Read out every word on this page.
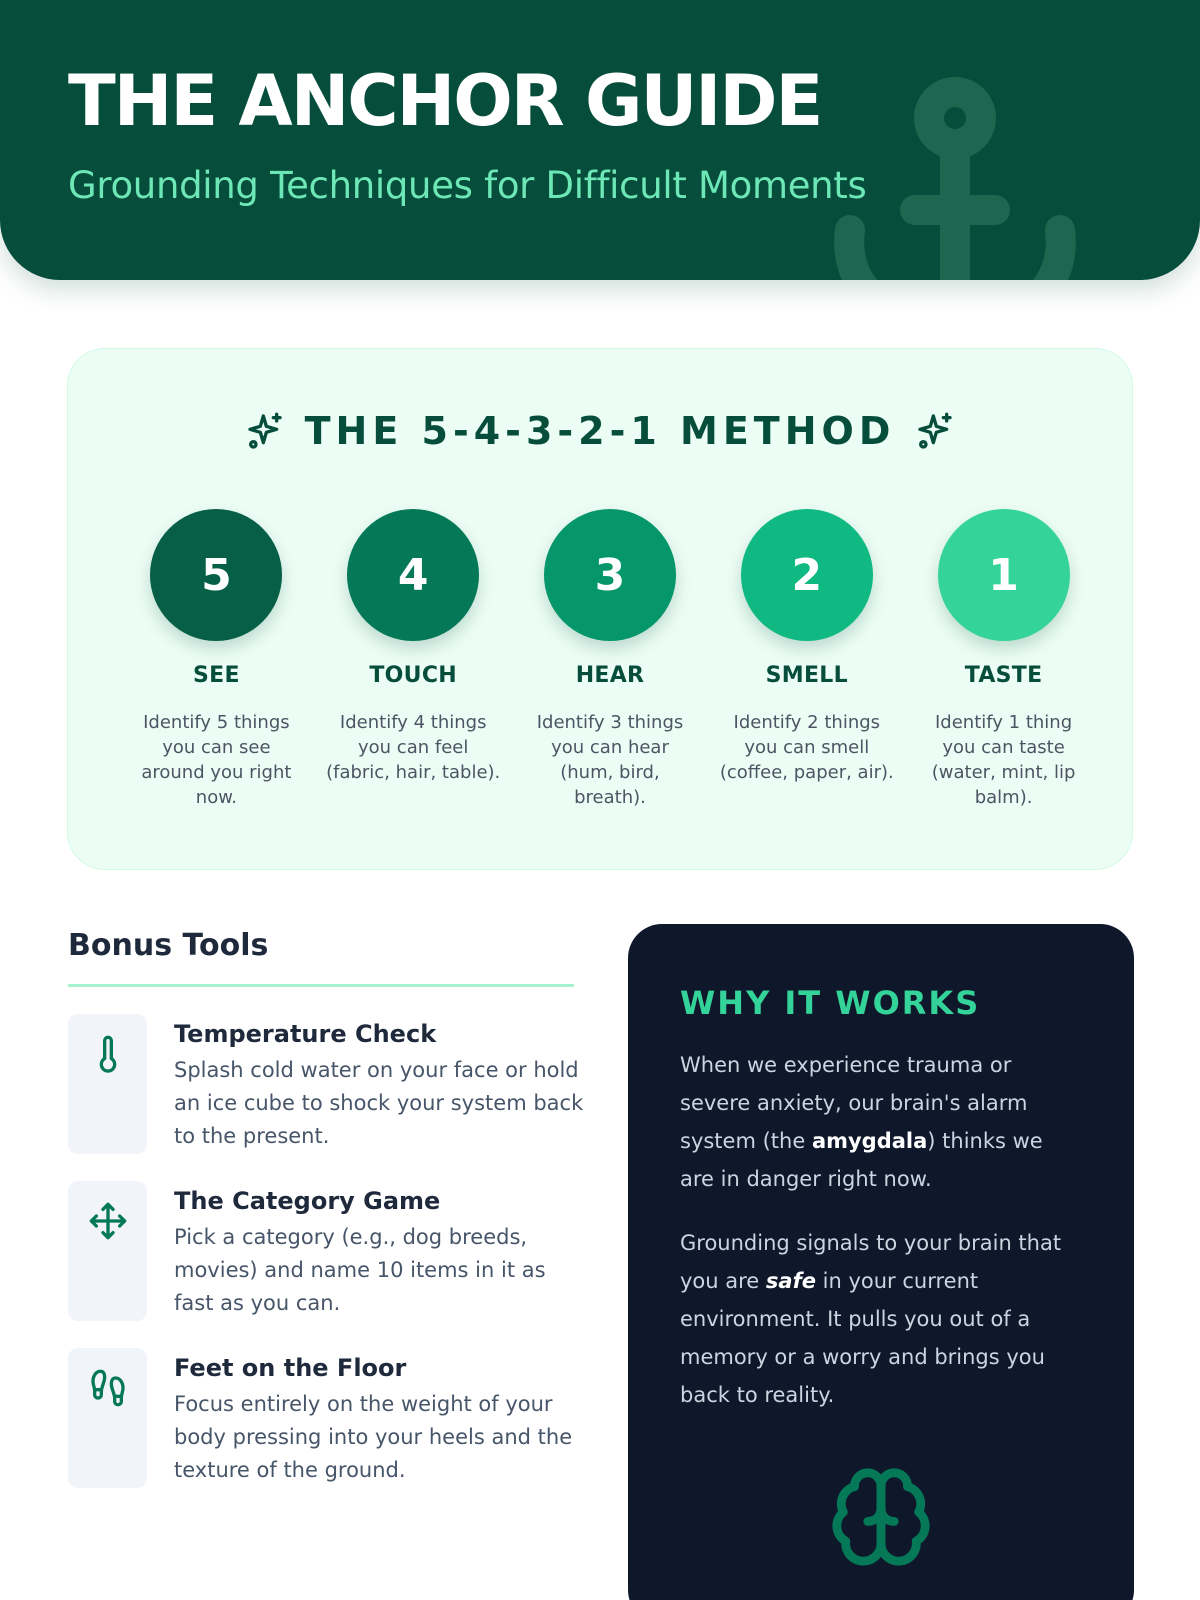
THE ANCHOR GUIDE
Grounding Techniques for Difficult Moments
THE 5-4-3-2-1 METHOD
5
SEE

Identify 5 things you can see around you right now.

4
TOUCH

Identify 4 things you can feel (fabric, hair, table).

3
HEAR

Identify 3 things you can hear (hum, bird, breath).

2
SMELL

Identify 2 things you can smell (coffee, paper, air).

1
TASTE

Identify 1 thing you can taste (water, mint, lip balm).

Bonus Tools
Temperature Check

Splash cold water on your face or hold an ice cube to shock your system back to the present.

The Category Game

Pick a category (e.g., dog breeds, movies) and name 10 items in it as fast as you can.

Feet on the Floor

Focus entirely on the weight of your body pressing into your heels and the texture of the ground.

WHY IT WORKS

When we experience trauma or severe anxiety, our brain's alarm system (the amygdala) thinks we are in danger right now.

Grounding signals to your brain that you are safe in your current environment. It pulls you out of a memory or a worry and brings you back to reality.
